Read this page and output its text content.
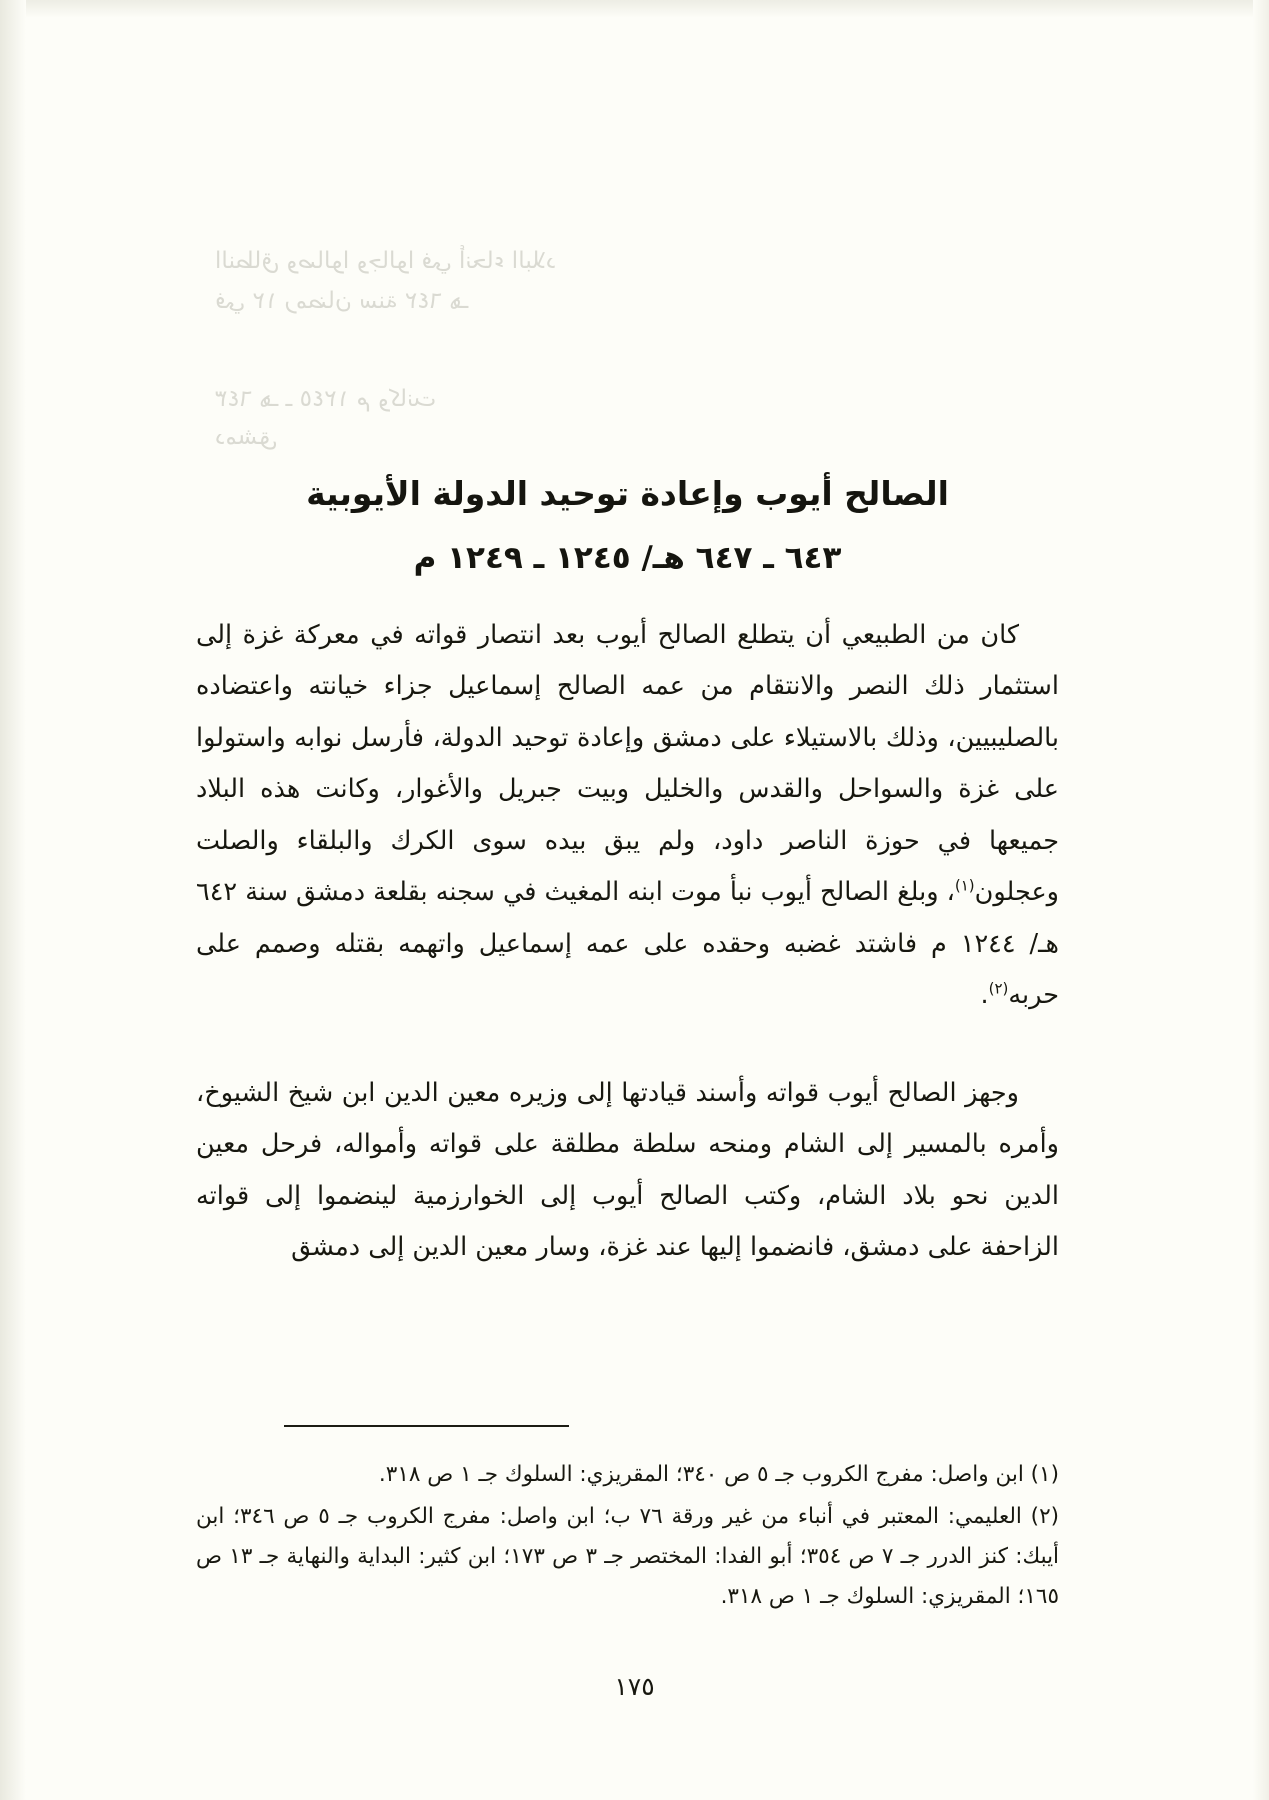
النطاق وصالوا وجالوا في أنحاء البلاد
في ١٢ رمضان سنة ٦٤٢ هـ
٦٤٣ هـ ـ ١٢٤٥ م وكانت
دمشق
الصالح أيوب وإعادة توحيد الدولة الأيوبية
٦٤٣ ـ ٦٤٧ هـ/ ١٢٤٥ ـ ١٢٤٩ م

كان من الطبيعي أن يتطلع الصالح أيوب بعد انتصار قواته في معركة غزة إلى استثمار ذلك النصر والانتقام من عمه الصالح إسماعيل جزاء خيانته واعتضاده بالصليبيين، وذلك بالاستيلاء على دمشق وإعادة توحيد الدولة، فأرسل نوابه واستولوا على غزة والسواحل والقدس والخليل وبيت جبريل والأغوار، وكانت هذه البلاد جميعها في حوزة الناصر داود، ولم يبق بيده سوى الكرك والبلقاء والصلت وعجلون$^{(١)}$، وبلغ الصالح أيوب نبأ موت ابنه المغيث في سجنه بقلعة دمشق سنة ٦٤٢ هـ/ ١٢٤٤ م فاشتد غضبه وحقده على عمه إسماعيل واتهمه بقتله وصمم على حربه$^{(٢)}$.

وجهز الصالح أيوب قواته وأسند قيادتها إلى وزيره معين الدين ابن شيخ الشيوخ، وأمره بالمسير إلى الشام ومنحه سلطة مطلقة على قواته وأمواله، فرحل معين الدين نحو بلاد الشام، وكتب الصالح أيوب إلى الخوارزمية لينضموا إلى قواته الزاحفة على دمشق، فانضموا إليها عند غزة، وسار معين الدين إلى دمشق

(١) ابن واصل: مفرج الكروب جـ ٥ ص ٣٤٠؛ المقريزي: السلوك جـ ١ ص ٣١٨.
(٢) العليمي: المعتبر في أنباء من غير ورقة ٧٦ ب؛ ابن واصل: مفرج الكروب جـ ٥ ص ٣٤٦؛ ابن أيبك: كنز الدرر جـ ٧ ص ٣٥٤؛ أبو الفدا: المختصر جـ ٣ ص ١٧٣؛ ابن كثير: البداية والنهاية جـ ١٣ ص ١٦٥؛ المقريزي: السلوك جـ ١ ص ٣١٨.
١٧٥
